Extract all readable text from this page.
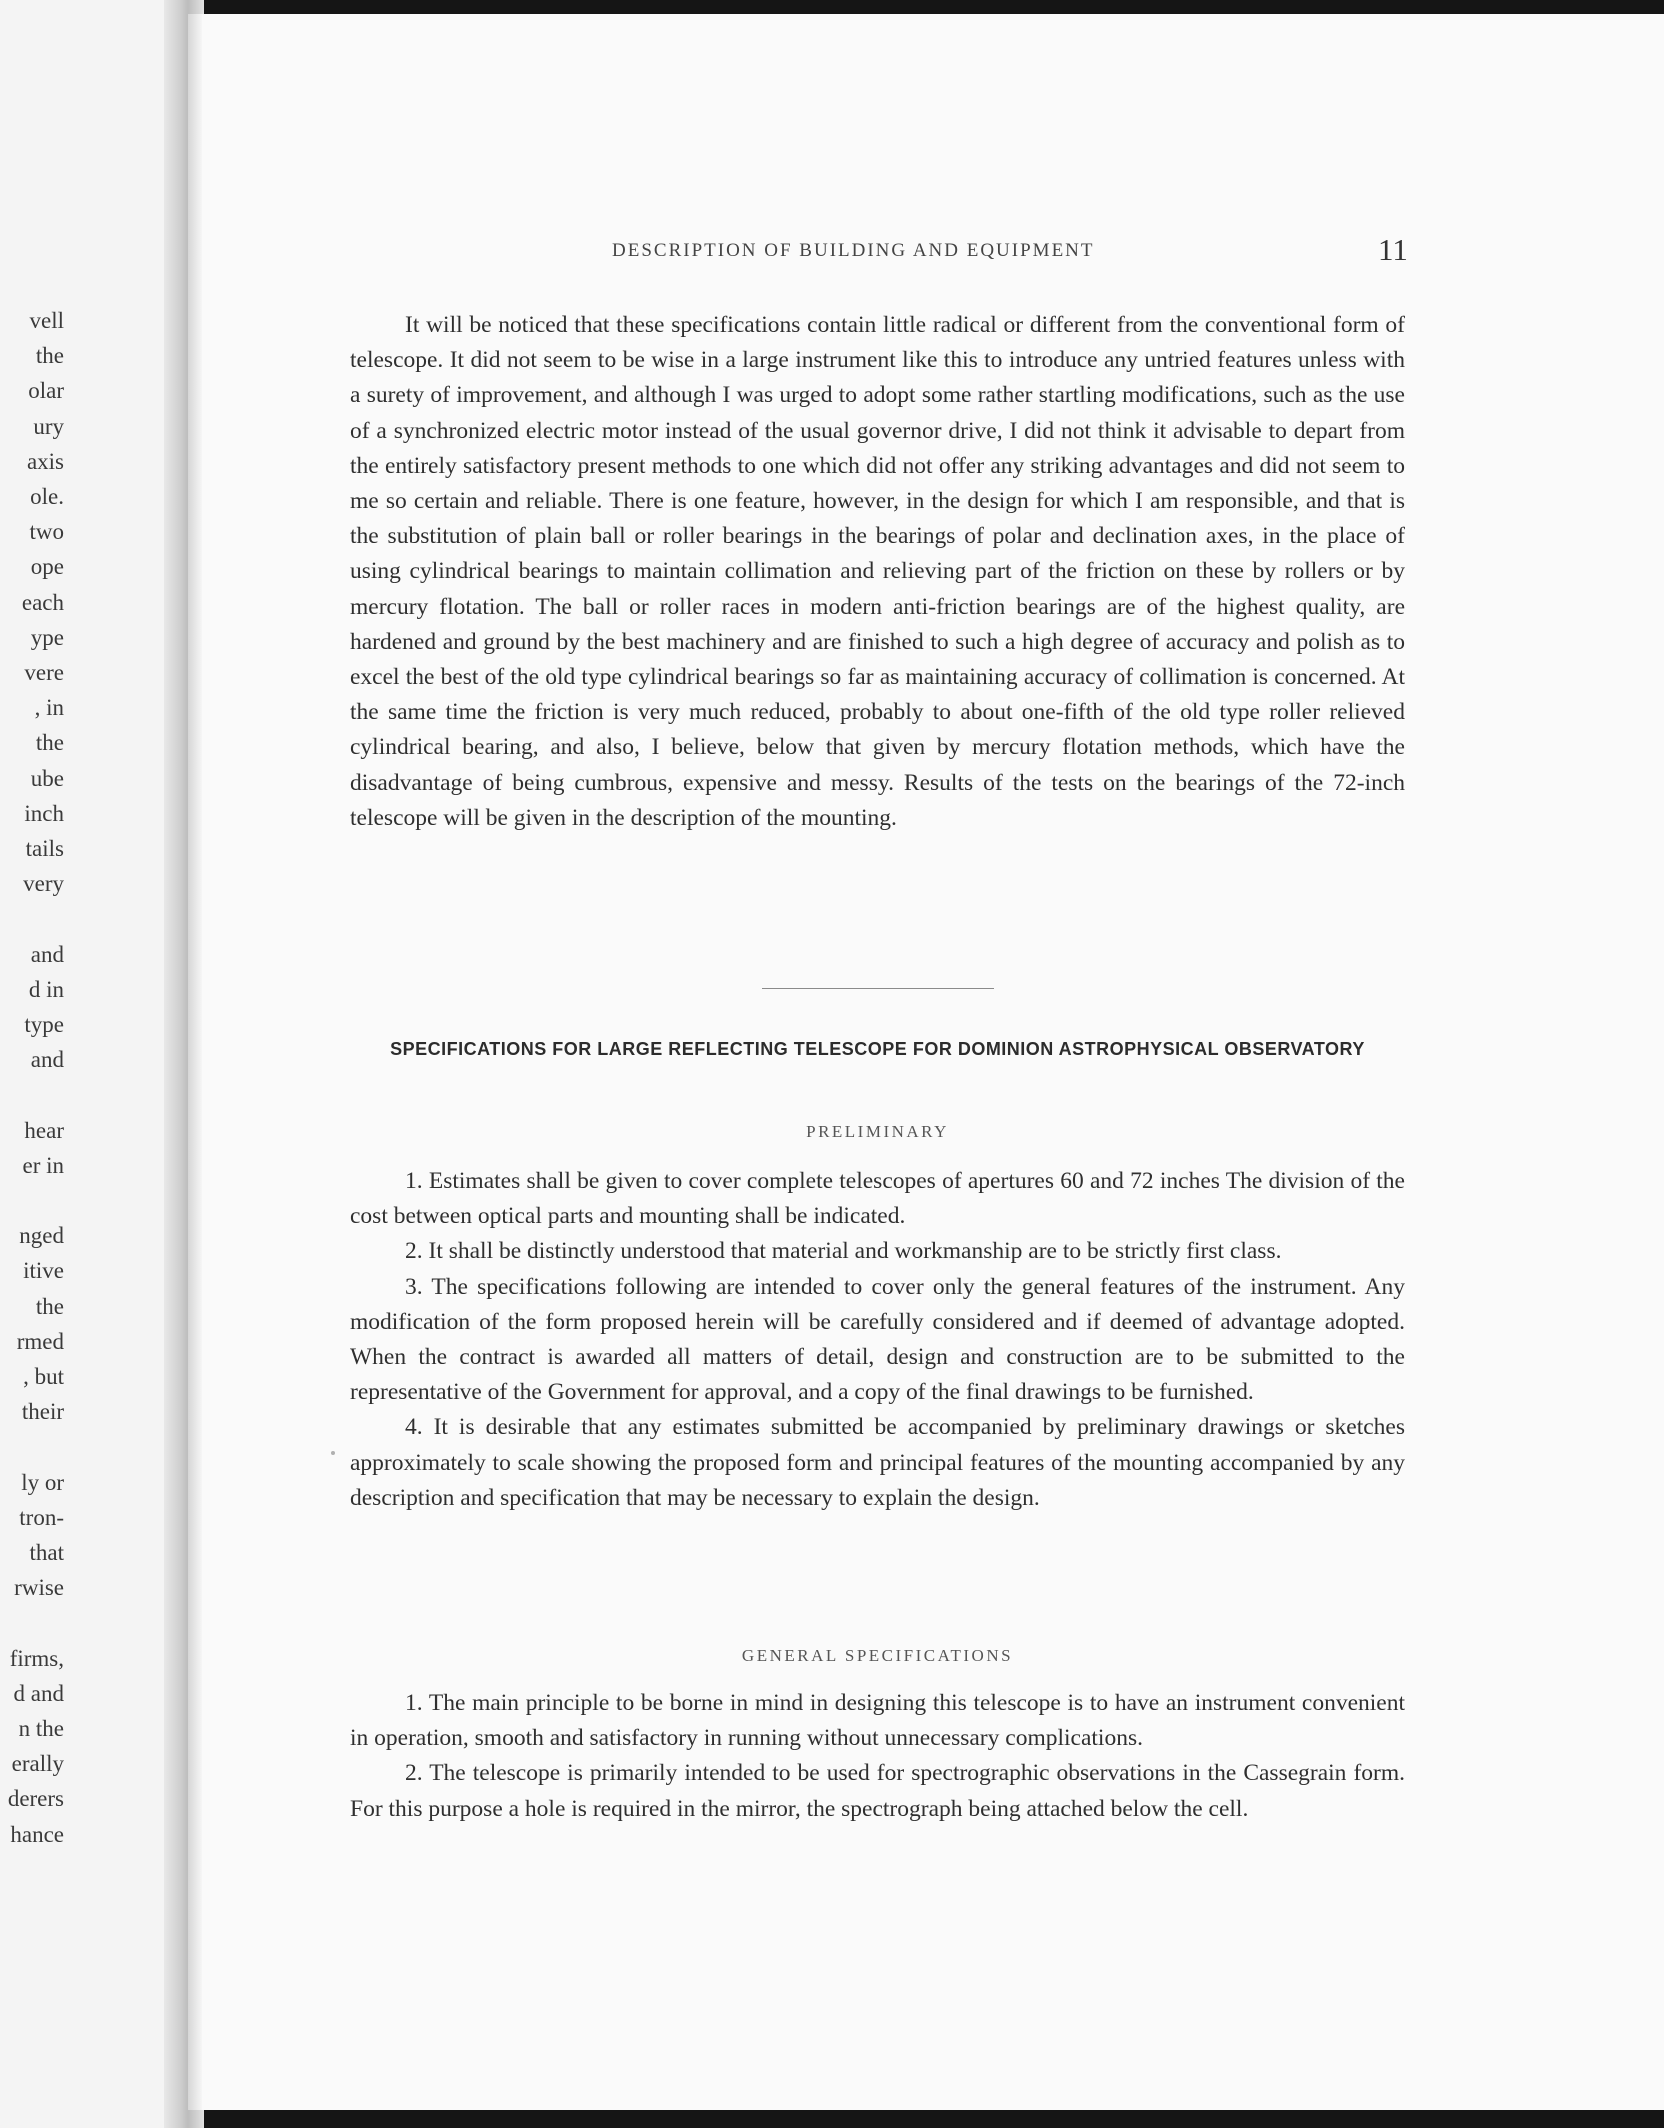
vell
the
olar
ury
axis
ole.
two
ope
each
ype
vere
, in
the
ube
inch
tails
very
and
d in
type
and
hear
er in
nged
itive
the
rmed
, but
their
ly or
tron-
that
rwise
firms,
d and
n the
erally
derers
hance
DESCRIPTION OF BUILDING AND EQUIPMENT	11

It will be noticed that these specifications contain little radical or different from the conventional form of telescope. It did not seem to be wise in a large instrument like this to introduce any untried features unless with a surety of improvement, and although I was urged to adopt some rather startling modifications, such as the use of a synchronized electric motor instead of the usual governor drive, I did not think it advisable to depart from the entirely satisfactory present methods to one which did not offer any striking advantages and did not seem to me so certain and reliable. There is one feature, however, in the design for which I am responsible, and that is the substitution of plain ball or roller bearings in the bearings of polar and declination axes, in the place of using cylindrical bearings to maintain collimation and relieving part of the friction on these by rollers or by mercury flotation. The ball or roller races in modern anti-friction bearings are of the highest quality, are hardened and ground by the best machinery and are finished to such a high degree of accuracy and polish as to excel the best of the old type cylindrical bearings so far as maintaining accuracy of collimation is concerned. At the same time the friction is very much reduced, probably to about one-fifth of the old type roller relieved cylindrical bearing, and also, I believe, below that given by mercury flotation methods, which have the disadvantage of being cumbrous, expensive and messy. Results of the tests on the bearings of the 72-inch telescope will be given in the description of the mounting.

SPECIFICATIONS FOR LARGE REFLECTING TELESCOPE FOR DOMINION ASTROPHYSICAL OBSERVATORY
PRELIMINARY

1. Estimates shall be given to cover complete telescopes of apertures 60 and 72 inches The division of the cost between optical parts and mounting shall be indicated.

2. It shall be distinctly understood that material and workmanship are to be strictly first class.

3. The specifications following are intended to cover only the general features of the instrument. Any modification of the form proposed herein will be carefully considered and if deemed of advantage adopted. When the contract is awarded all matters of detail, design and construction are to be submitted to the representative of the Government for approval, and a copy of the final drawings to be furnished.

4. It is desirable that any estimates submitted be accompanied by preliminary drawings or sketches approximately to scale showing the proposed form and principal features of the mounting accompanied by any description and specification that may be necessary to explain the design.

GENERAL SPECIFICATIONS

1. The main principle to be borne in mind in designing this telescope is to have an instrument convenient in operation, smooth and satisfactory in running without unnecessary complications.

2. The telescope is primarily intended to be used for spectrographic observations in the Cassegrain form. For this purpose a hole is required in the mirror, the spectrograph being attached below the cell.
